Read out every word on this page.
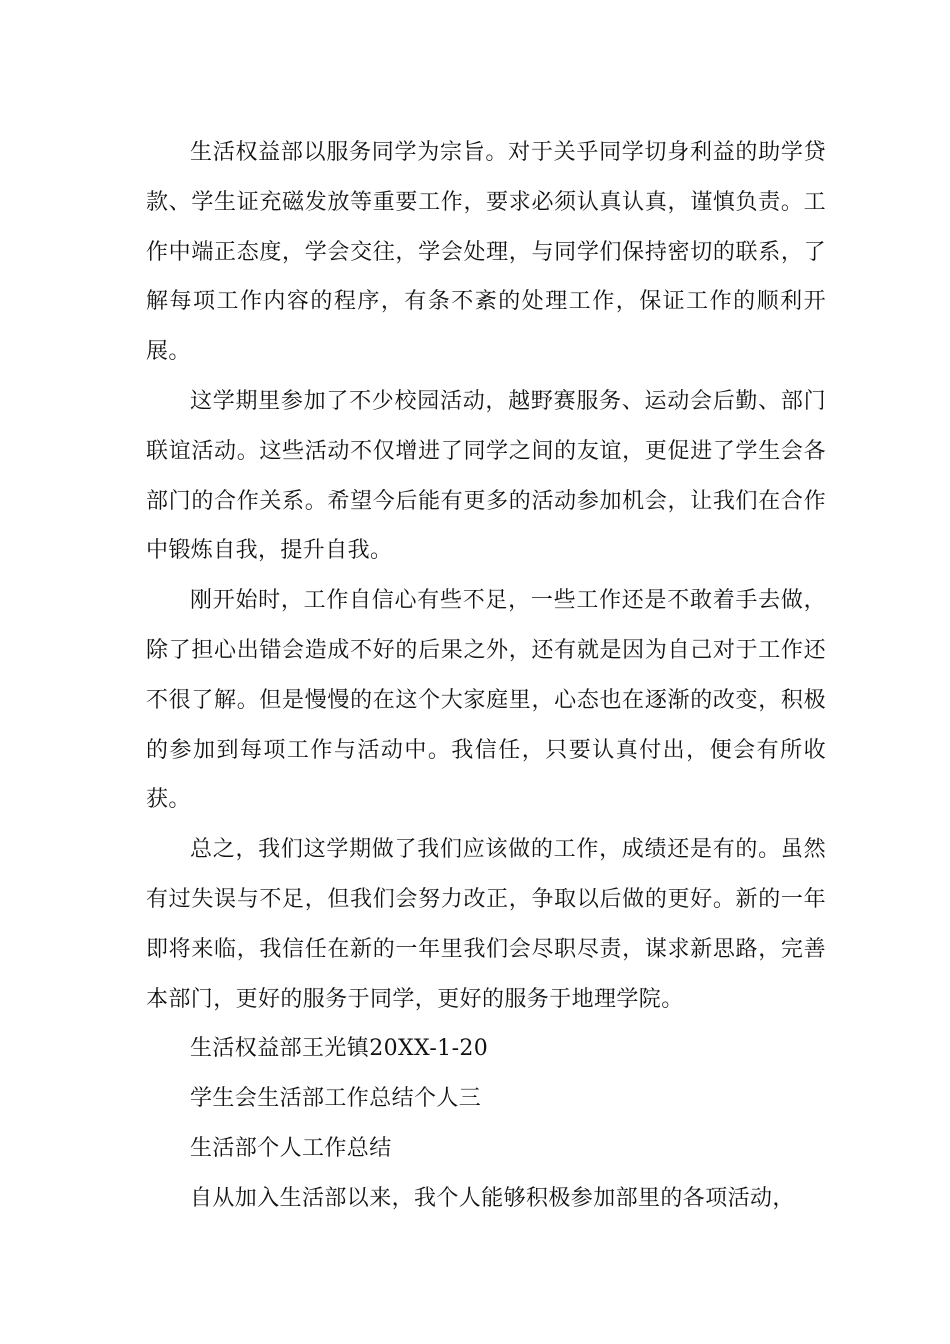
生活权益部以服务同学为宗旨。对于关乎同学切身利益的助学贷款、学生证充磁发放等重要工作，要求必须认真认真，谨慎负责。工作中端正态度，学会交往，学会处理，与同学们保持密切的联系，了解每项工作内容的程序，有条不紊的处理工作，保证工作的顺利开展。

这学期里参加了不少校园活动，越野赛服务、运动会后勤、部门联谊活动。这些活动不仅增进了同学之间的友谊，更促进了学生会各部门的合作关系。希望今后能有更多的活动参加机会，让我们在合作中锻炼自我，提升自我。

刚开始时，工作自信心有些不足，一些工作还是不敢着手去做，除了担心出错会造成不好的后果之外，还有就是因为自己对于工作还不很了解。但是慢慢的在这个大家庭里，心态也在逐渐的改变，积极的参加到每项工作与活动中。我信任，只要认真付出，便会有所收获。

总之，我们这学期做了我们应该做的工作，成绩还是有的。虽然有过失误与不足，但我们会努力改正，争取以后做的更好。新的一年即将来临，我信任在新的一年里我们会尽职尽责，谋求新思路，完善本部门，更好的服务于同学，更好的服务于地理学院。

生活权益部王光镇20XX-1-20

学生会生活部工作总结个人三

生活部个人工作总结

自从加入生活部以来，我个人能够积极参加部里的各项活动，
